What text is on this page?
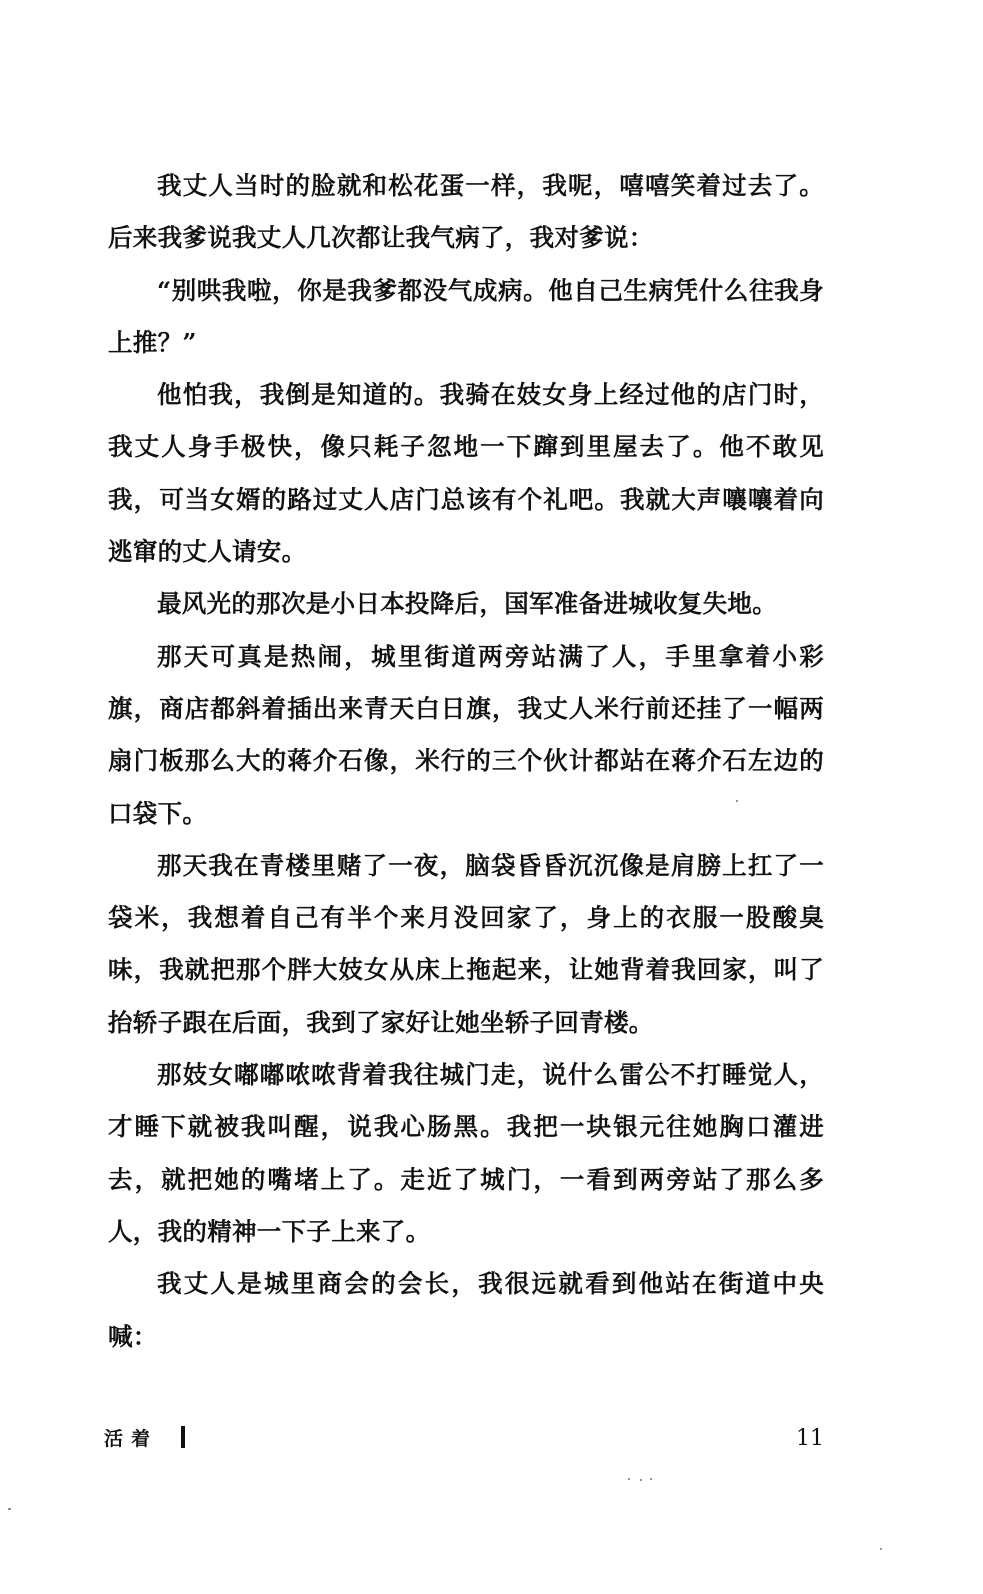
我丈人当时的脸就和松花蛋一样，我呢，嘻嘻笑着过去了。后来我爹说我丈人几次都让我气病了，我对爹说：

“别哄我啦，你是我爹都没气成病。他自己生病凭什么往我身上推？”

他怕我，我倒是知道的。我骑在妓女身上经过他的店门时，我丈人身手极快，像只耗子忽地一下蹿到里屋去了。他不敢见我，可当女婿的路过丈人店门总该有个礼吧。我就大声嚷嚷着向逃窜的丈人请安。

最风光的那次是小日本投降后，国军准备进城收复失地。

那天可真是热闹，城里街道两旁站满了人，手里拿着小彩旗，商店都斜着插出来青天白日旗，我丈人米行前还挂了一幅两扇门板那么大的蒋介石像，米行的三个伙计都站在蒋介石左边的口袋下。

那天我在青楼里赌了一夜，脑袋昏昏沉沉像是肩膀上扛了一袋米，我想着自己有半个来月没回家了，身上的衣服一股酸臭味，我就把那个胖大妓女从床上拖起来，让她背着我回家，叫了抬轿子跟在后面，我到了家好让她坐轿子回青楼。

那妓女嘟嘟哝哝背着我往城门走，说什么雷公不打睡觉人，才睡下就被我叫醒，说我心肠黑。我把一块银元往她胸口灌进去，就把她的嘴堵上了。走近了城门，一看到两旁站了那么多人，我的精神一下子上来了。

我丈人是城里商会的会长，我很远就看到他站在街道中央喊：

活着	11
